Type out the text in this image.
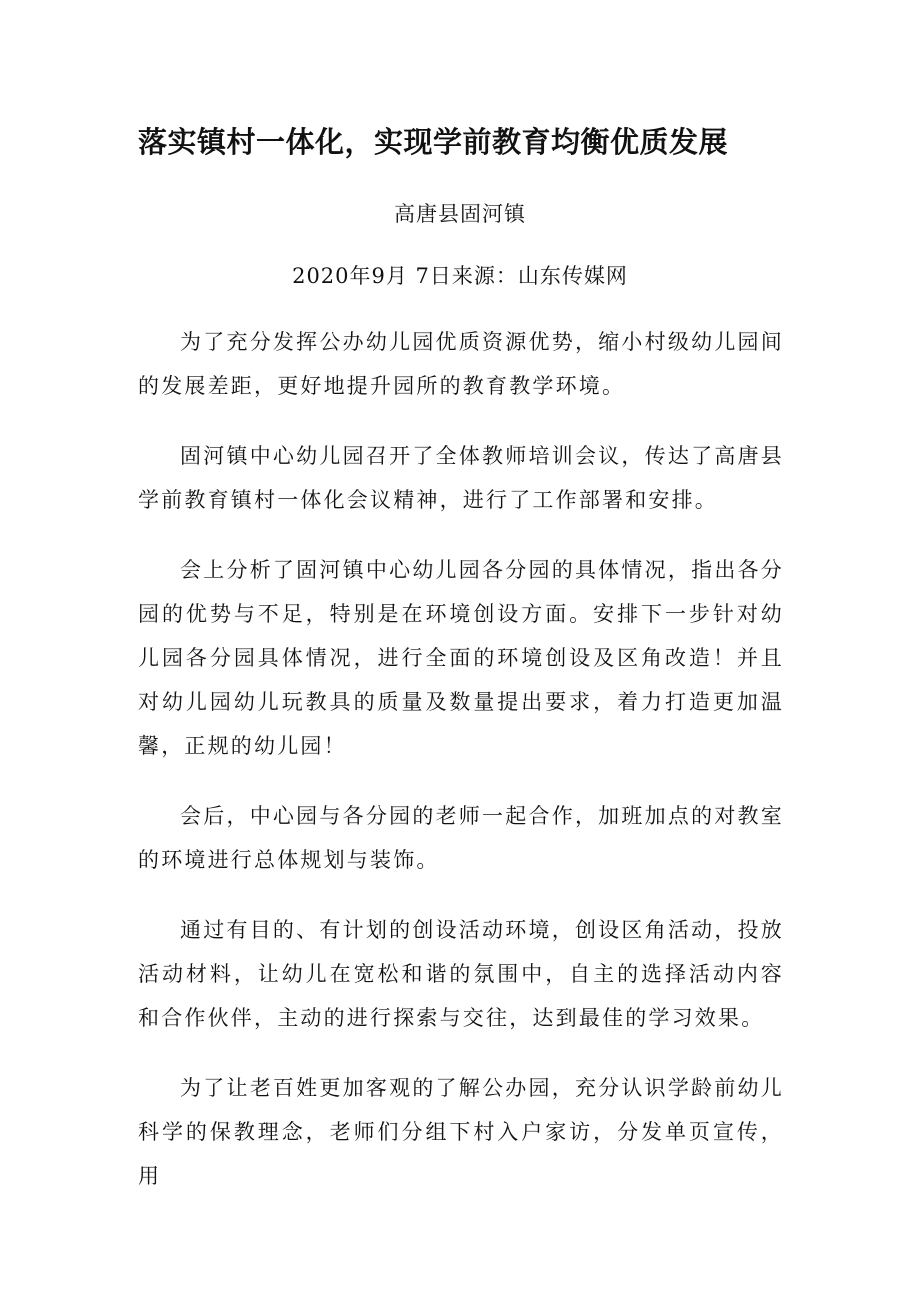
落实镇村一体化，实现学前教育均衡优质发展
高唐县固河镇
2020年9月 7日来源：山东传媒网

为了充分发挥公办幼儿园优质资源优势，缩小村级幼儿园间的发展差距，更好地提升园所的教育教学环境。

固河镇中心幼儿园召开了全体教师培训会议，传达了高唐县学前教育镇村一体化会议精神，进行了工作部署和安排。

会上分析了固河镇中心幼儿园各分园的具体情况，指出各分园的优势与不足，特别是在环境创设方面。安排下一步针对幼儿园各分园具体情况，进行全面的环境创设及区角改造！并且对幼儿园幼儿玩教具的质量及数量提出要求，着力打造更加温馨，正规的幼儿园！

会后，中心园与各分园的老师一起合作，加班加点的对教室的环境进行总体规划与装饰。

通过有目的、有计划的创设活动环境，创设区角活动，投放活动材料，让幼儿在宽松和谐的氛围中，自主的选择活动内容和合作伙伴，主动的进行探索与交往，达到最佳的学习效果。

为了让老百姓更加客观的了解公办园，充分认识学龄前幼儿科学的保教理念，老师们分组下村入户家访，分发单页宣传，用
